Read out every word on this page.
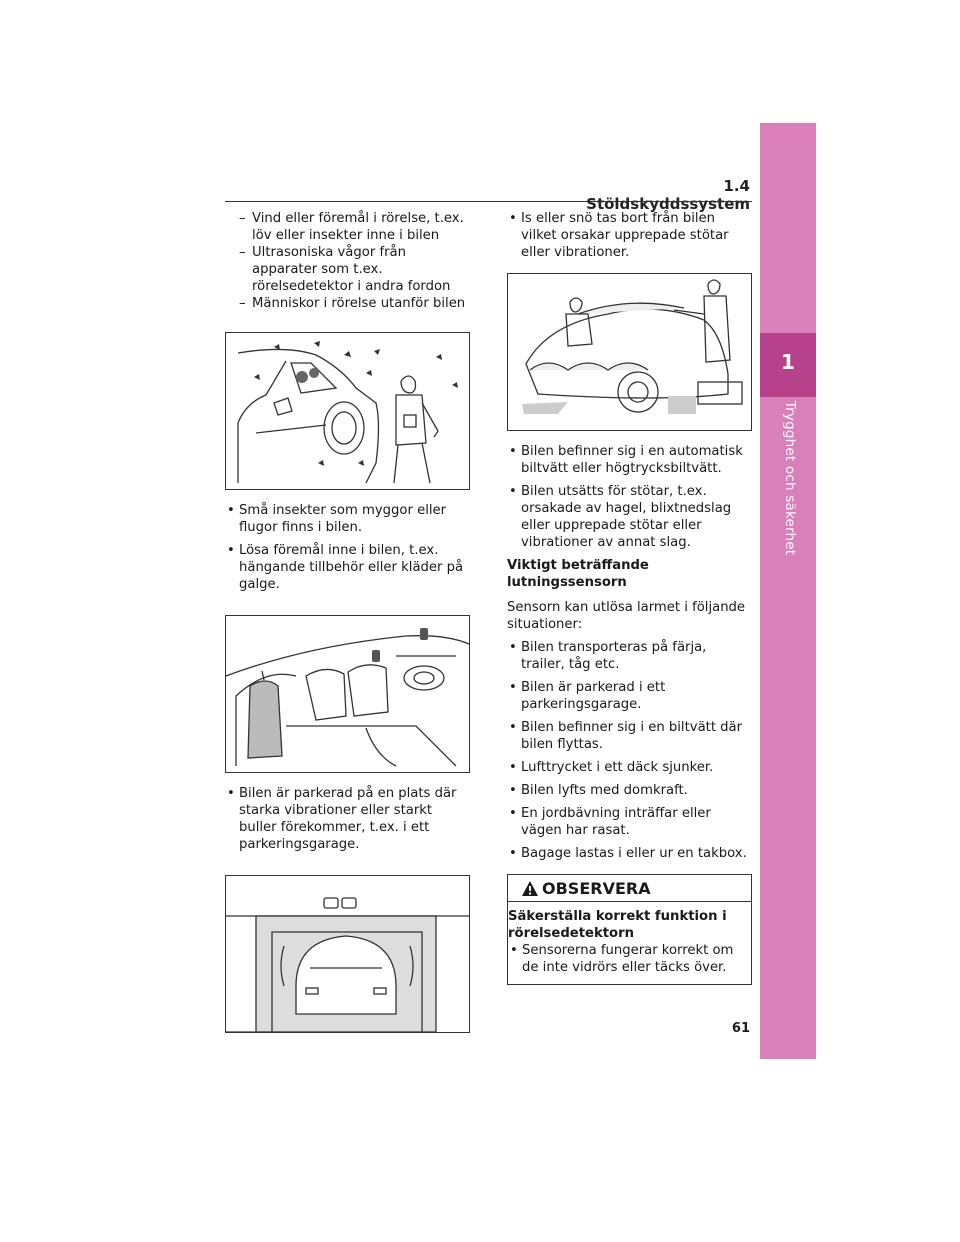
1.4 Stöldskyddssystem
1
Trygghet och säkerhet
– Vind eller föremål i rörelse, t.ex. löv eller insekter inne i bilen
– Ultrasoniska vågor från apparater som t.ex. rörelsedetektor i andra fordon
– Människor i rörelse utanför bilen
• Små insekter som myggor eller flugor finns i bilen.
• Lösa föremål inne i bilen, t.ex. hängande tillbehör eller kläder på galge.
• Bilen är parkerad på en plats där starka vibrationer eller starkt buller förekommer, t.ex. i ett parkeringsgarage.
• Is eller snö tas bort från bilen vilket orsakar upprepade stötar eller vibrationer.
• Bilen befinner sig i en automatisk biltvätt eller högtrycksbiltvätt.
• Bilen utsätts för stötar, t.ex. orsakade av hagel, blixtnedslag eller upprepade stötar eller vibrationer av annat slag.
Viktigt beträffande lutningssensorn
Sensorn kan utlösa larmet i följande situationer:
• Bilen transporteras på färja, trailer, tåg etc.
• Bilen är parkerad i ett parkeringsgarage.
• Bilen befinner sig i en biltvätt där bilen flyttas.
• Lufttrycket i ett däck sjunker.
• Bilen lyfts med domkraft.
• En jordbävning inträffar eller vägen har rasat.
• Bagage lastas i eller ur en takbox.
OBSERVERA
Säkerställa korrekt funktion i rörelsedetektorn
• Sensorerna fungerar korrekt om de inte vidrörs eller täcks över.
61
